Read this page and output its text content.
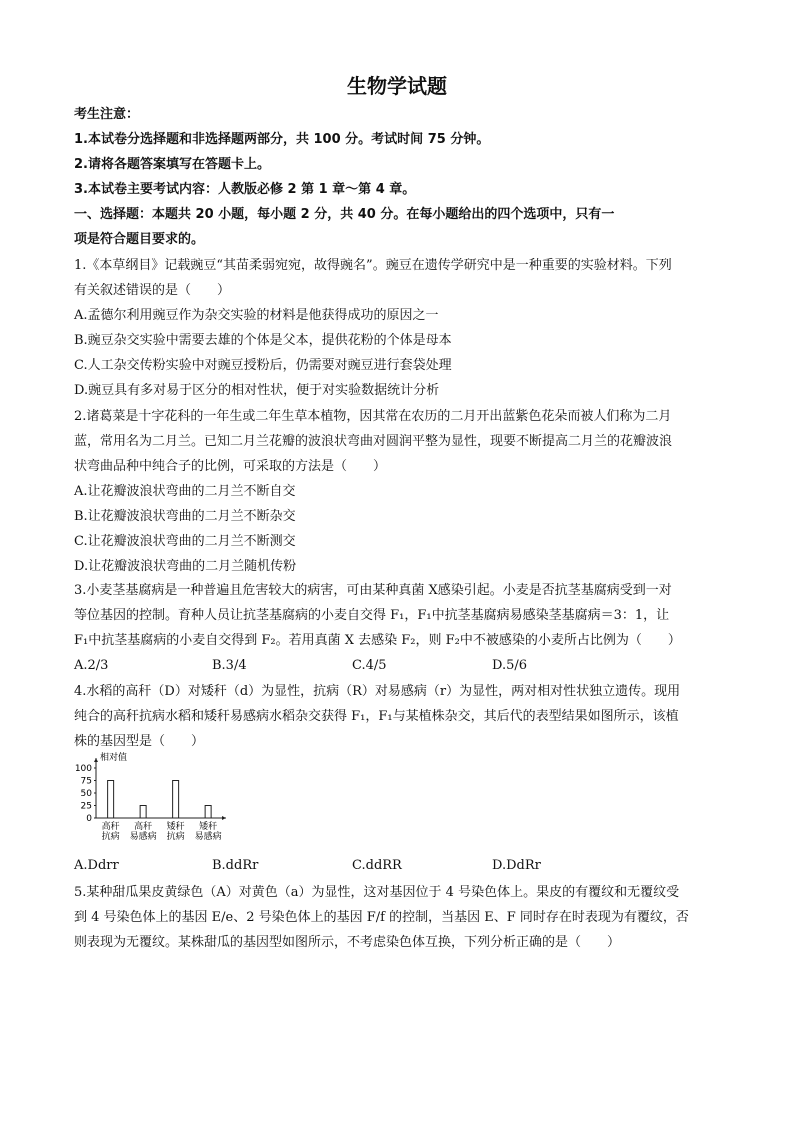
生物学试题
考生注意：
1.本试卷分选择题和非选择题两部分，共 100 分。考试时间 75 分钟。
2.请将各题答案填写在答题卡上。
3.本试卷主要考试内容：人教版必修 2 第 1 章～第 4 章。
一、选择题：本题共 20 小题，每小题 2 分，共 40 分。在每小题给出的四个选项中，只有一
项是符合题目要求的。
1.《本草纲目》记载豌豆“其苗柔弱宛宛，故得豌名”。豌豆在遗传学研究中是一种重要的实验材料。下列
有关叙述错误的是（　　）
A.孟德尔利用豌豆作为杂交实验的材料是他获得成功的原因之一
B.豌豆杂交实验中需要去雄的个体是父本，提供花粉的个体是母本
C.人工杂交传粉实验中对豌豆授粉后，仍需要对豌豆进行套袋处理
D.豌豆具有多对易于区分的相对性状，便于对实验数据统计分析
2.诸葛菜是十字花科的一年生或二年生草本植物，因其常在农历的二月开出蓝紫色花朵而被人们称为二月
蓝，常用名为二月兰。已知二月兰花瓣的波浪状弯曲对圆润平整为显性，现要不断提高二月兰的花瓣波浪
状弯曲品种中纯合子的比例，可采取的方法是（　　）
A.让花瓣波浪状弯曲的二月兰不断自交
B.让花瓣波浪状弯曲的二月兰不断杂交
C.让花瓣波浪状弯曲的二月兰不断测交
D.让花瓣波浪状弯曲的二月兰随机传粉
3.小麦茎基腐病是一种普遍且危害较大的病害，可由某种真菌 X感染引起。小麦是否抗茎基腐病受到一对
等位基因的控制。育种人员让抗茎基腐病的小麦自交得 F₁，F₁中抗茎基腐病易感染茎基腐病＝3：1，让
F₁中抗茎基腐病的小麦自交得到 F₂。若用真菌 X 去感染 F₂，则 F₂中不被感染的小麦所占比例为（　　）
A.2/3	B.3/4	C.4/5	D.5/6
4.水稻的高秆（D）对矮秆（d）为显性，抗病（R）对易感病（r）为显性，两对相对性状独立遗传。现用
纯合的高秆抗病水稻和矮秆易感病水稻杂交获得 F₁，F₁与某植株杂交，其后代的表型结果如图所示，该植
株的基因型是（　　）
相对值
0
25
50
75
100
高秆
抗病
高秆
易感病
矮秆
抗病
矮秆
易感病
A.Ddrr	B.ddRr	C.ddRR	D.DdRr
5.某种甜瓜果皮黄绿色（A）对黄色（a）为显性，这对基因位于 4 号染色体上。果皮的有覆纹和无覆纹受
到 4 号染色体上的基因 E/e、2 号染色体上的基因 F/f 的控制，当基因 E、F 同时存在时表现为有覆纹，否
则表现为无覆纹。某株甜瓜的基因型如图所示，不考虑染色体互换，下列分析正确的是（　　）
